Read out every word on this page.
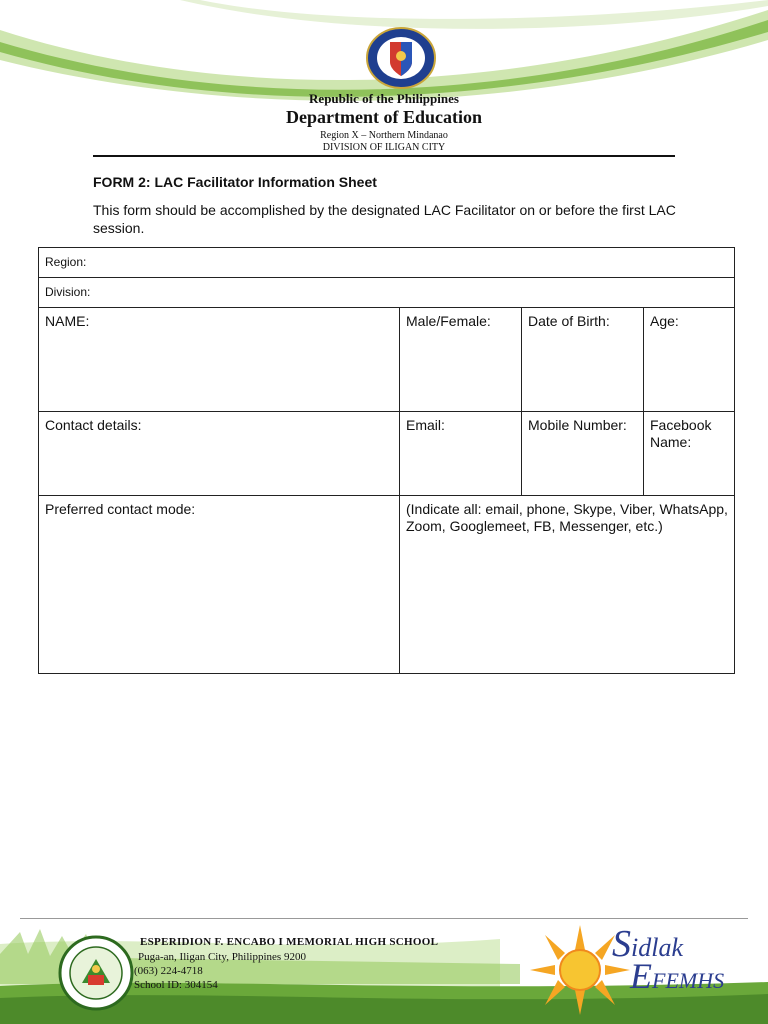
Republic of the Philippines
Department of Education
Region X – Northern Mindanao
DIVISION OF ILIGAN CITY
FORM 2: LAC Facilitator Information Sheet
This form should be accomplished by the designated LAC Facilitator on or before the first LAC session.
Region:			
Division:			
NAME:	Male/Female:	Date of Birth:	Age:
Contact details:	Email:	Mobile Number:	Facebook Name:
Preferred contact mode:	(Indicate all: email, phone, Skype, Viber, WhatsApp, Zoom, Googlemeet, FB, Messenger, etc.)		
ESPERIDION F. ENCABO I MEMORIAL HIGH SCHOOL
Puga-an, Iligan City, Philippines 9200
(063) 224-4718
School ID: 304154
Sidlak
EFEMHS
